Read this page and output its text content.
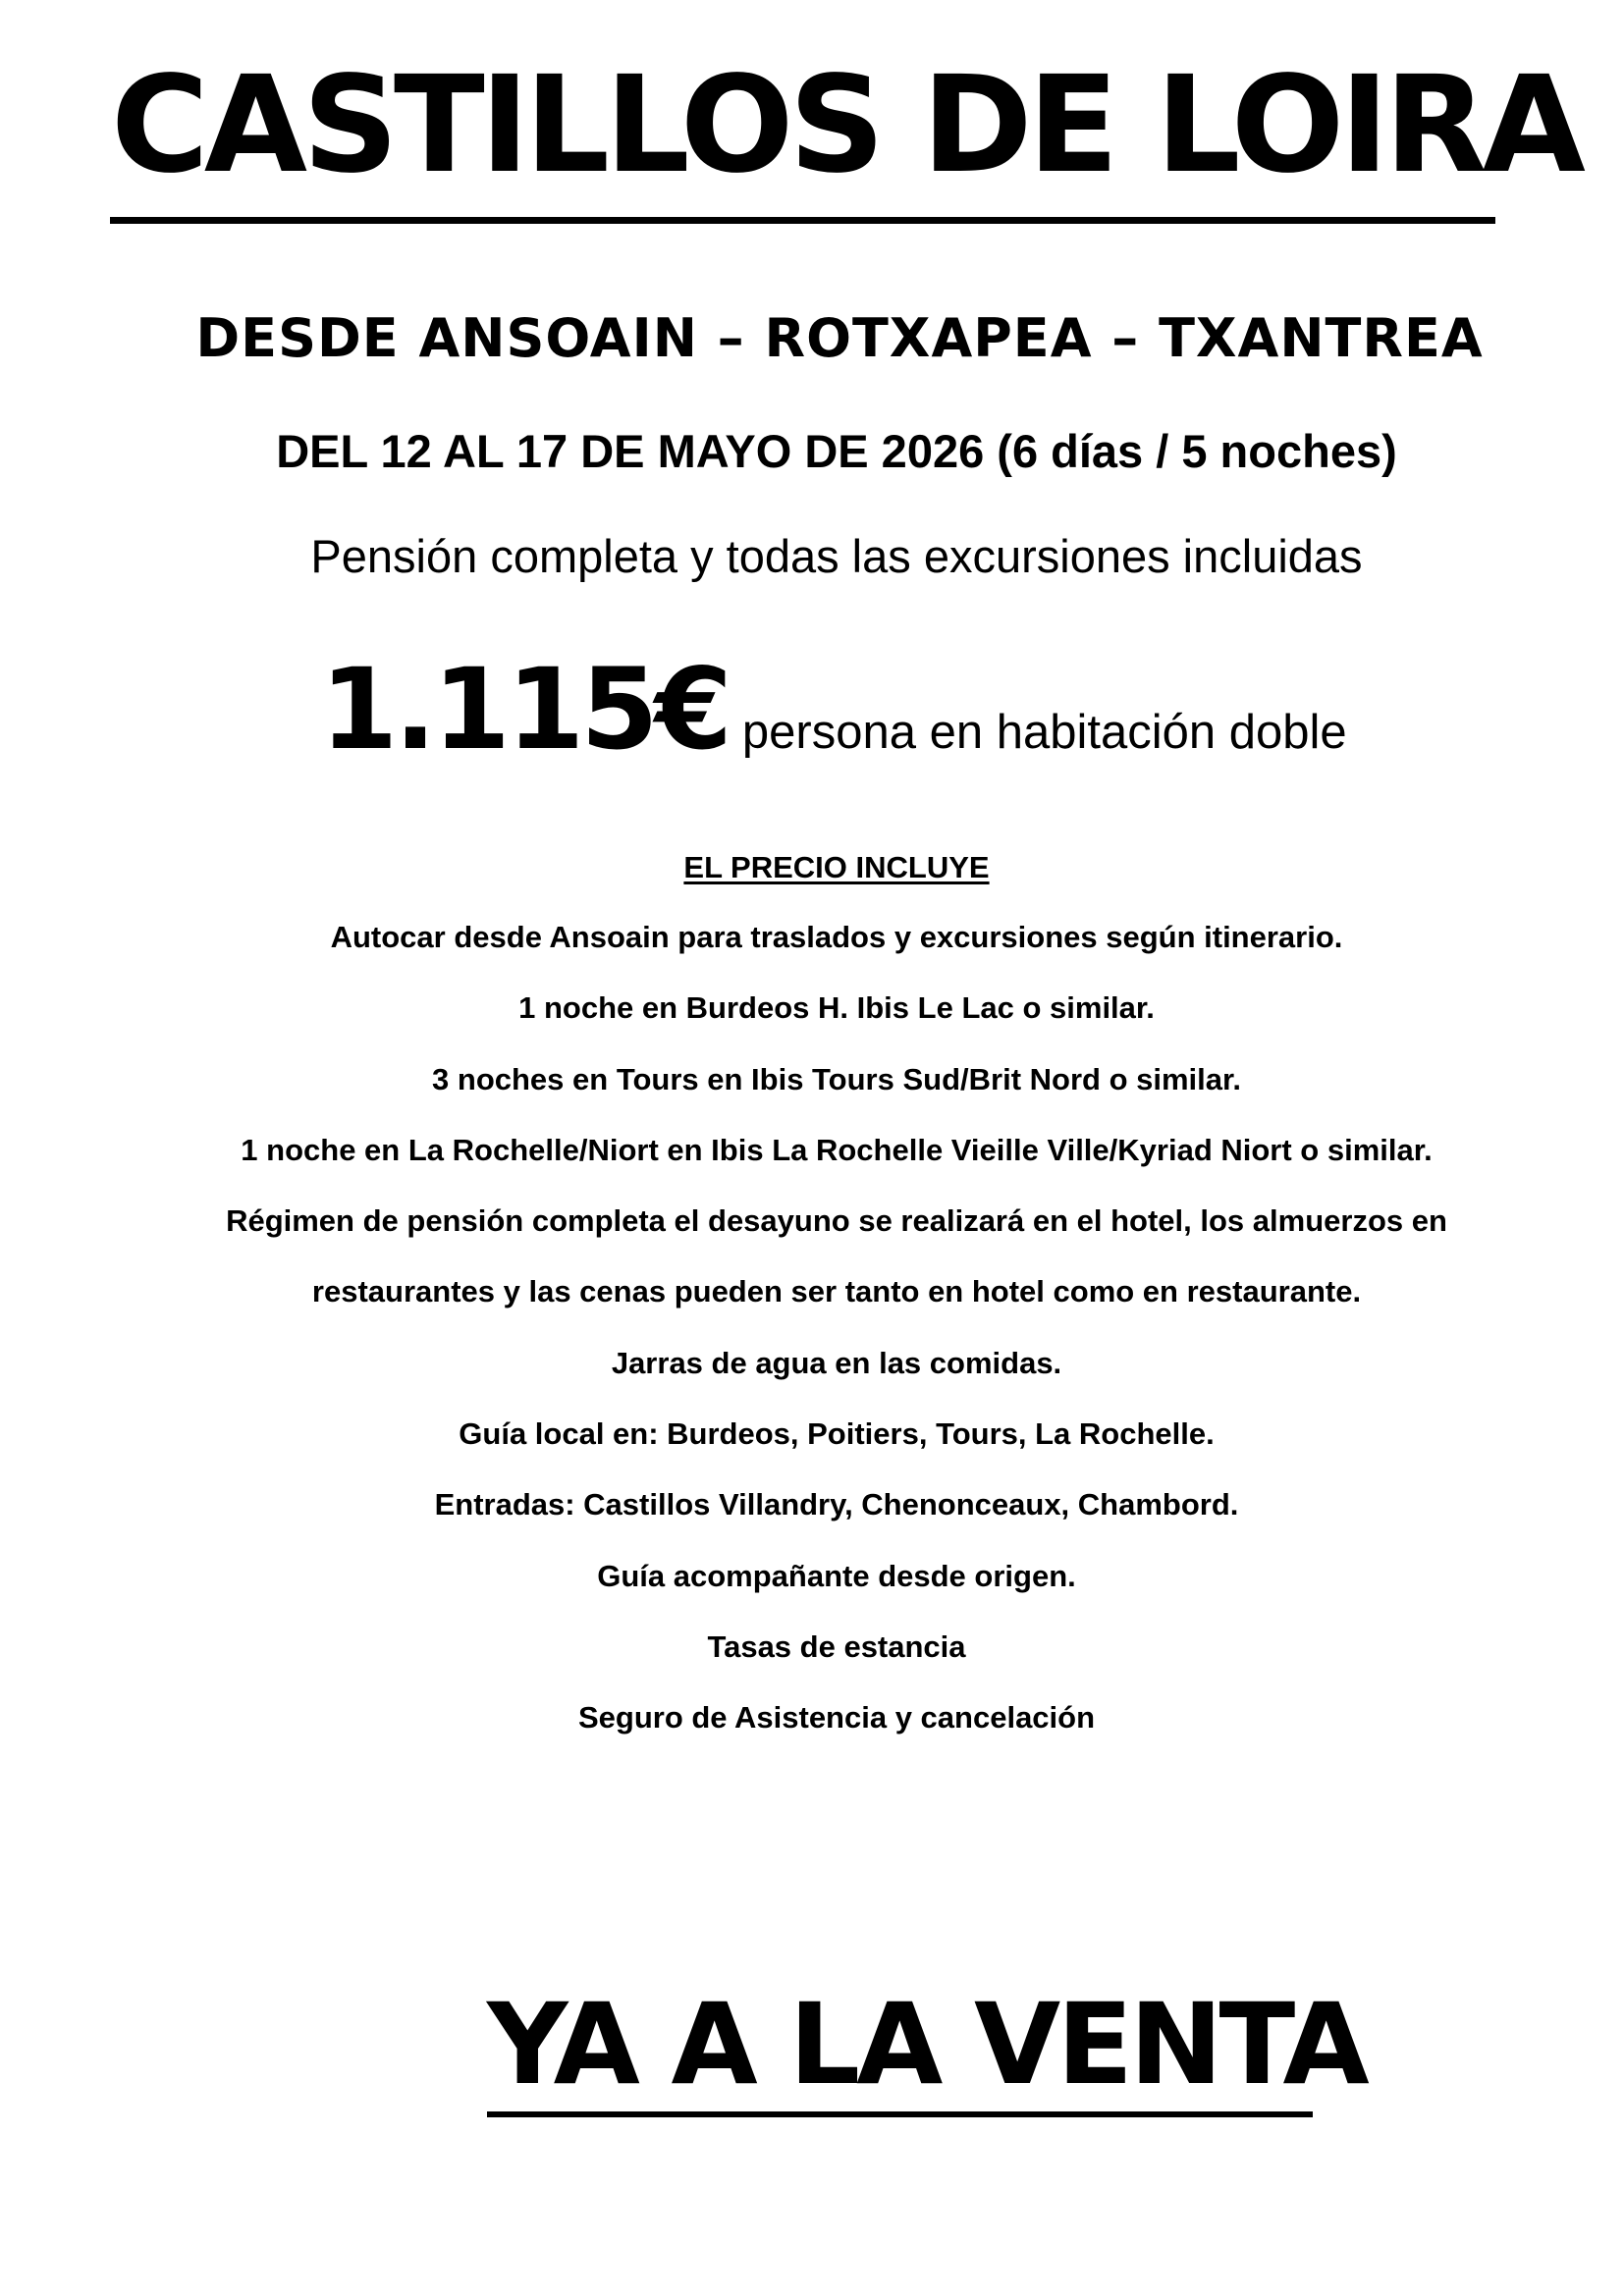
CASTILLOS DE LOIRA
DESDE ANSOAIN – ROTXAPEA – TXANTREA
DEL 12 AL 17 DE MAYO DE 2026 (6 días / 5 noches)
Pensión completa y todas las excursiones incluidas
1.115€ persona en habitación doble
EL PRECIO INCLUYE
Autocar desde Ansoain para traslados y excursiones según itinerario.
1 noche en Burdeos H. Ibis Le Lac o similar.
3 noches en Tours en Ibis Tours Sud/Brit Nord o similar.
1 noche en La Rochelle/Niort en Ibis La Rochelle Vieille Ville/Kyriad Niort o similar.
Régimen de pensión completa el desayuno se realizará en el hotel, los almuerzos en
restaurantes y las cenas pueden ser tanto en hotel como en restaurante.
Jarras de agua en las comidas.
Guía local en: Burdeos, Poitiers, Tours, La Rochelle.
Entradas: Castillos Villandry, Chenonceaux, Chambord.
Guía acompañante desde origen.
Tasas de estancia
Seguro de Asistencia y cancelación
YA A LA VENTA
